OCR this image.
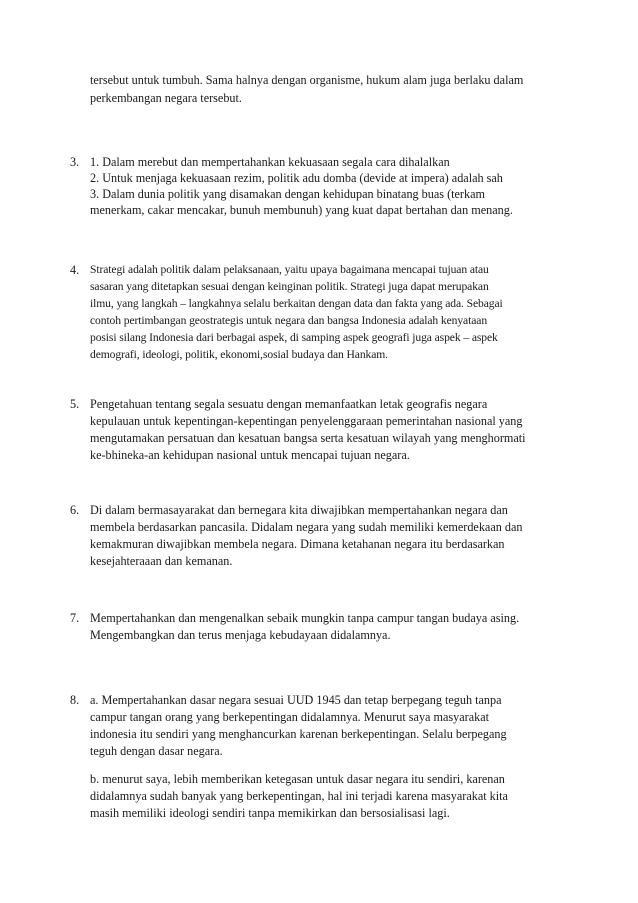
tersebut untuk tumbuh. Sama halnya dengan organisme, hukum alam juga berlaku dalam
perkembangan negara tersebut.
3. 1. Dalam merebut dan mempertahankan kekuasaan segala cara dihalalkan
2. Untuk menjaga kekuasaan rezim, politik adu domba (devide at impera) adalah sah
3. Dalam dunia politik yang disamakan dengan kehidupan binatang buas (terkam
menerkam, cakar mencakar, bunuh membunuh) yang kuat dapat bertahan dan menang.
4. Strategi adalah politik dalam pelaksanaan, yaitu upaya bagaimana mencapai tujuan atau
sasaran yang ditetapkan sesuai dengan keinginan politik. Strategi juga dapat merupakan
ilmu, yang langkah – langkahnya selalu berkaitan dengan data dan fakta yang ada. Sebagai
contoh pertimbangan geostrategis untuk negara dan bangsa Indonesia adalah kenyataan
posisi silang Indonesia dari berbagai aspek, di samping aspek geografi juga aspek – aspek
demografi, ideologi, politik, ekonomi,sosial budaya dan Hankam.
5. Pengetahuan tentang segala sesuatu dengan memanfaatkan letak geografis negara
kepulauan untuk kepentingan-kepentingan penyelenggaraan pemerintahan nasional yang
mengutamakan persatuan dan kesatuan bangsa serta kesatuan wilayah yang menghormati
ke-bhineka-an kehidupan nasional untuk mencapai tujuan negara.
6. Di dalam bermasayarakat dan bernegara kita diwajibkan mempertahankan negara dan
membela berdasarkan pancasila. Didalam negara yang sudah memiliki kemerdekaan dan
kemakmuran diwajibkan membela negara. Dimana ketahanan negara itu berdasarkan
kesejahteraaan dan kemanan.
7. Mempertahankan dan mengenalkan sebaik mungkin tanpa campur tangan budaya asing.
Mengembangkan dan terus menjaga kebudayaan didalamnya.
8. a. Mempertahankan dasar negara sesuai UUD 1945 dan tetap berpegang teguh tanpa
campur tangan orang yang berkepentingan didalamnya. Menurut saya masyarakat
indonesia itu sendiri yang menghancurkan karenan berkepentingan. Selalu berpegang
teguh dengan dasar negara.
b. menurut saya, lebih memberikan ketegasan untuk dasar negara itu sendiri, karenan
didalamnya sudah banyak yang berkepentingan, hal ini terjadi karena masyarakat kita
masih memiliki ideologi sendiri tanpa memikirkan dan bersosialisasi lagi.
